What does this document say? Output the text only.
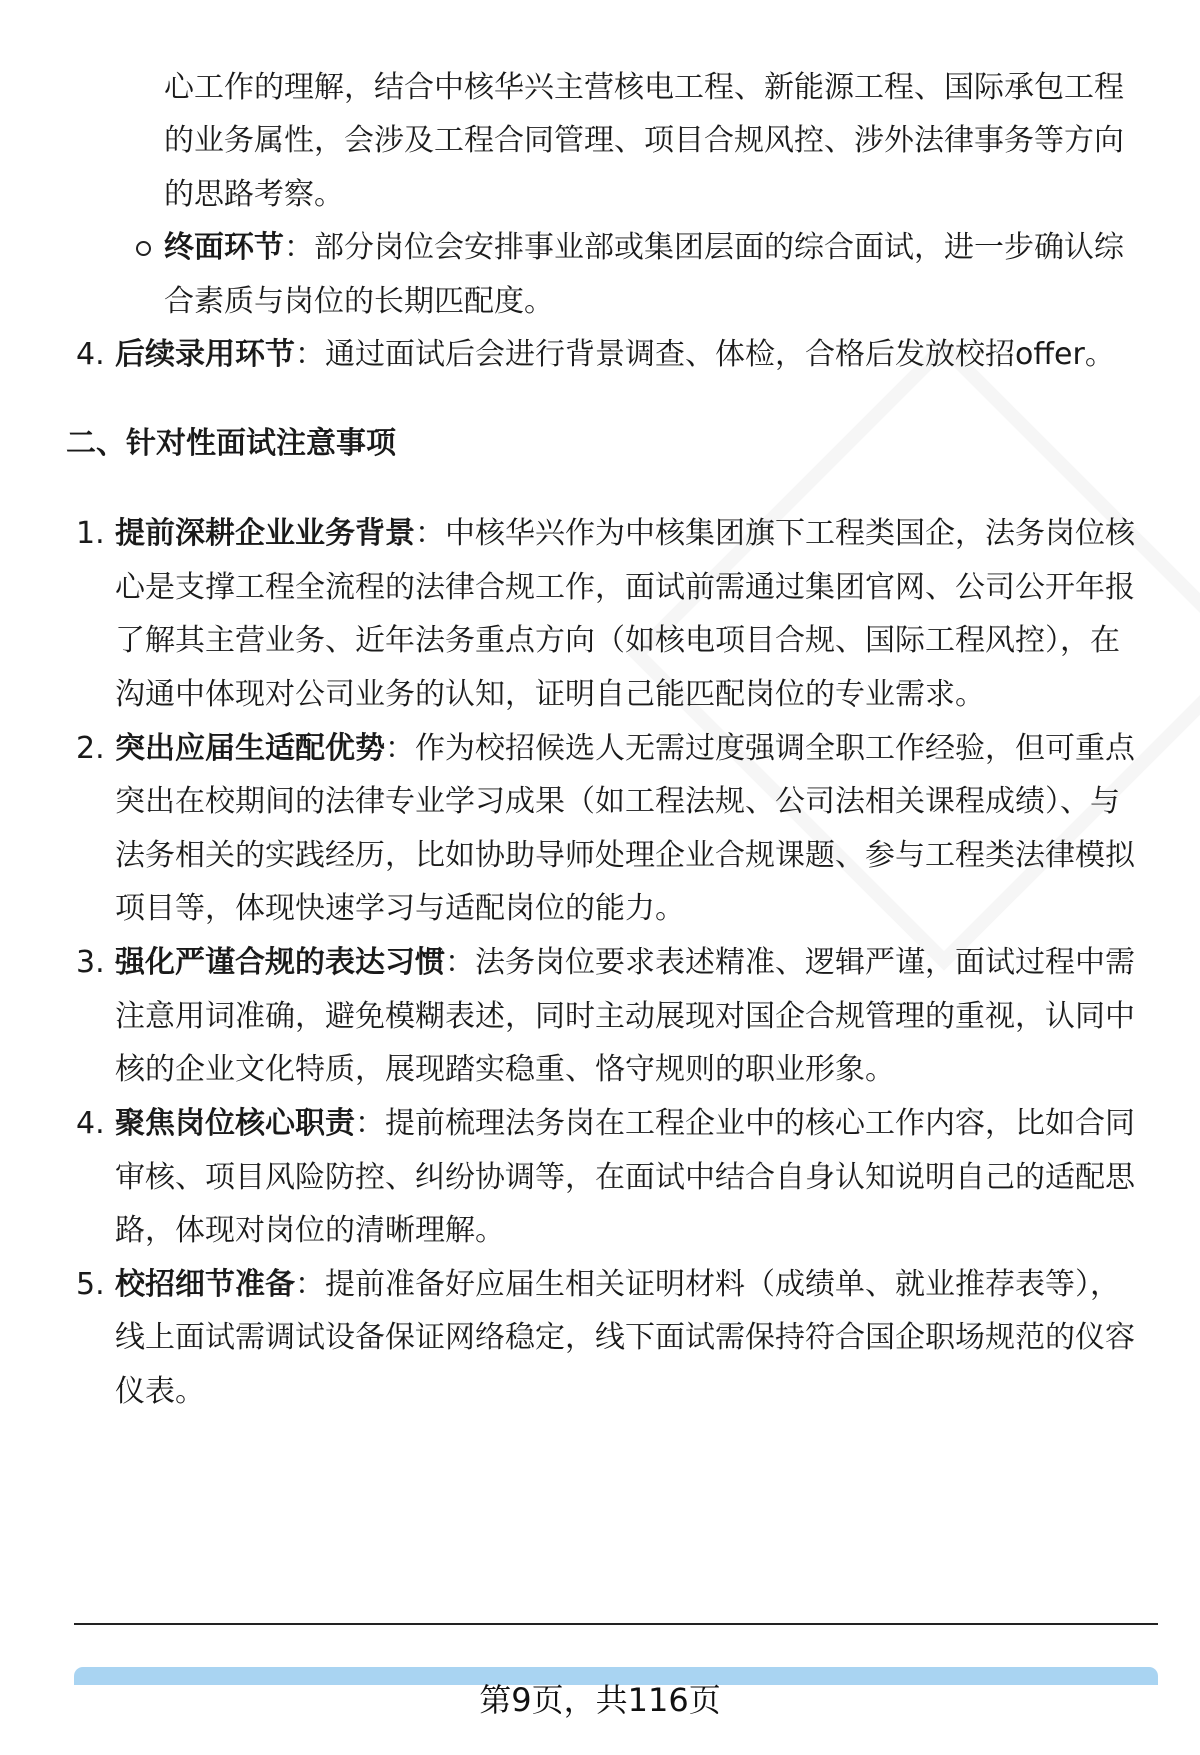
心工作的理解，结合中核华兴主营核电工程、新能源工程、国际承包工程
的业务属性，会涉及工程合同管理、项目合规风控、涉外法律事务等方向
的思路考察。
终面环节：部分岗位会安排事业部或集团层面的综合面试，进一步确认综
合素质与岗位的长期匹配度。
4. 后续录用环节：通过面试后会进行背景调查、体检，合格后发放校招offer。
二、针对性面试注意事项
1. 提前深耕企业业务背景：中核华兴作为中核集团旗下工程类国企，法务岗位核
心是支撑工程全流程的法律合规工作，面试前需通过集团官网、公司公开年报
了解其主营业务、近年法务重点方向（如核电项目合规、国际工程风控），在
沟通中体现对公司业务的认知，证明自己能匹配岗位的专业需求。
2. 突出应届生适配优势：作为校招候选人无需过度强调全职工作经验，但可重点
突出在校期间的法律专业学习成果（如工程法规、公司法相关课程成绩）、与
法务相关的实践经历，比如协助导师处理企业合规课题、参与工程类法律模拟
项目等，体现快速学习与适配岗位的能力。
3. 强化严谨合规的表达习惯：法务岗位要求表述精准、逻辑严谨，面试过程中需
注意用词准确，避免模糊表述，同时主动展现对国企合规管理的重视，认同中
核的企业文化特质，展现踏实稳重、恪守规则的职业形象。
4. 聚焦岗位核心职责：提前梳理法务岗在工程企业中的核心工作内容，比如合同
审核、项目风险防控、纠纷协调等，在面试中结合自身认知说明自己的适配思
路，体现对岗位的清晰理解。
5. 校招细节准备：提前准备好应届生相关证明材料（成绩单、就业推荐表等），
线上面试需调试设备保证网络稳定，线下面试需保持符合国企职场规范的仪容
仪表。
第9页，共116页
